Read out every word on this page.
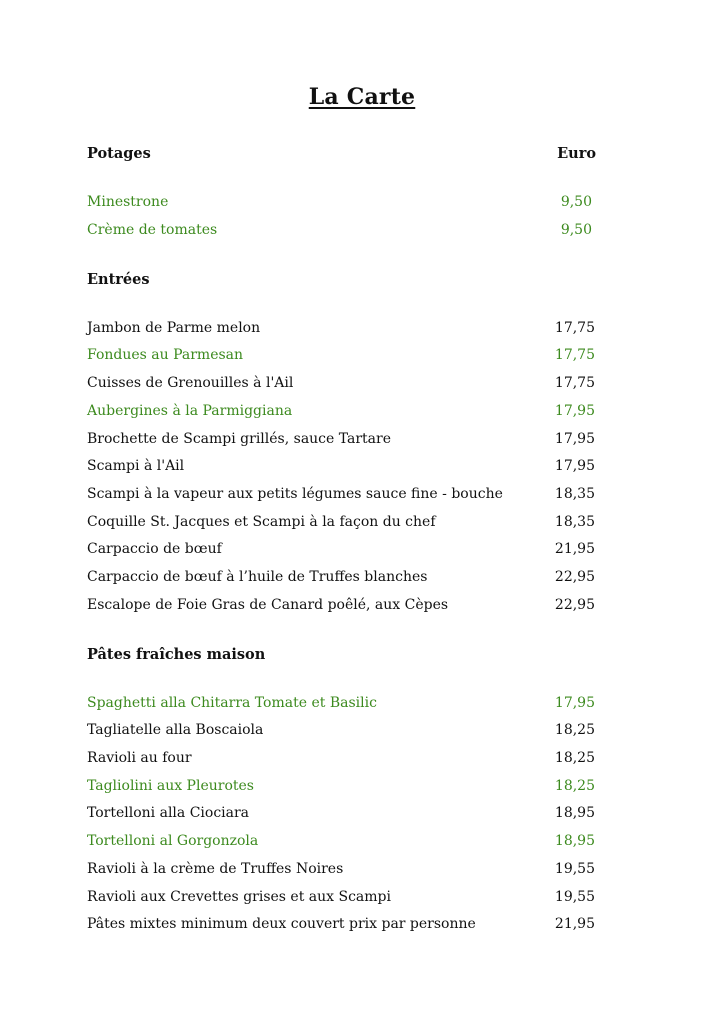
La Carte
Potages	Euro
Minestrone	9,50
Crème de tomates	9,50
Entrées
Jambon de Parme melon	17,75
Fondues au Parmesan	17,75
Cuisses de Grenouilles à l'Ail	17,75
Aubergines à la Parmiggiana	17,95
Brochette de Scampi grillés, sauce Tartare	17,95
Scampi à l'Ail	17,95
Scampi à la vapeur aux petits légumes sauce fine - bouche	18,35
Coquille St. Jacques et Scampi à la façon du chef	18,35
Carpaccio de bœuf	21,95
Carpaccio de bœuf à l’huile de Truffes blanches	22,95
Escalope de Foie Gras de Canard poêlé, aux Cèpes	22,95
Pâtes fraîches maison
Spaghetti alla Chitarra Tomate et Basilic	17,95
Tagliatelle alla Boscaiola	18,25
Ravioli au four	18,25
Tagliolini aux Pleurotes	18,25
Tortelloni alla Ciociara	18,95
Tortelloni al Gorgonzola	18,95
Ravioli à la crème de Truffes Noires	19,55
Ravioli aux Crevettes grises et aux Scampi	19,55
Pâtes mixtes minimum deux couvert prix par personne	21,95
